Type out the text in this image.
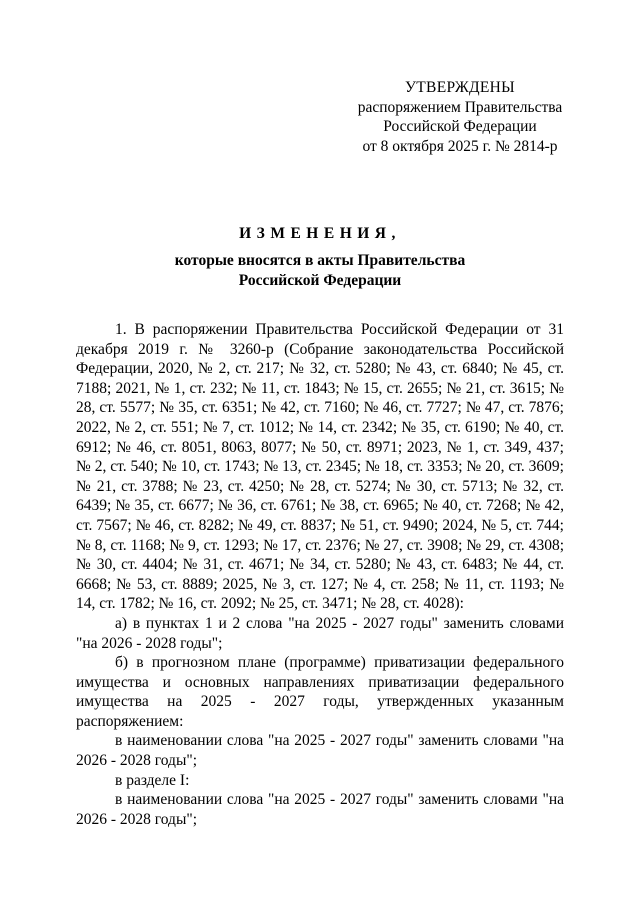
УТВЕРЖДЕНЫ
распоряжением Правительства
Российской Федерации
от 8 октября 2025 г. № 2814-р
ИЗМЕНЕНИЯ,
которые вносятся в акты Правительства
Российской Федерации

1. В распоряжении Правительства Российской Федерации от 31 декабря 2019 г. № 3260-р (Собрание законодательства Российской Федерации, 2020, № 2, ст. 217; № 32, ст. 5280; № 43, ст. 6840; № 45, ст. 7188; 2021, № 1, ст. 232; № 11, ст. 1843; № 15, ст. 2655; № 21, ст. 3615; № 28, ст. 5577; № 35, ст. 6351; № 42, ст. 7160; № 46, ст. 7727; № 47, ст. 7876; 2022, № 2, ст. 551; № 7, ст. 1012; № 14, ст. 2342; № 35, ст. 6190; № 40, ст. 6912; № 46, ст. 8051, 8063, 8077; № 50, ст. 8971; 2023, № 1, ст. 349, 437; № 2, ст. 540; № 10, ст. 1743; № 13, ст. 2345; № 18, ст. 3353; № 20, ст. 3609; № 21, ст. 3788; № 23, ст. 4250; № 28, ст. 5274; № 30, ст. 5713; № 32, ст. 6439; № 35, ст. 6677; № 36, ст. 6761; № 38, ст. 6965; № 40, ст. 7268; № 42, ст. 7567; № 46, ст. 8282; № 49, ст. 8837; № 51, ст. 9490; 2024, № 5, ст. 744; № 8, ст. 1168; № 9, ст. 1293; № 17, ст. 2376; № 27, ст. 3908; № 29, ст. 4308; № 30, ст. 4404; № 31, ст. 4671; № 34, ст. 5280; № 43, ст. 6483; № 44, ст. 6668; № 53, ст. 8889; 2025, № 3, ст. 127; № 4, ст. 258; № 11, ст. 1193; № 14, ст. 1782; № 16, ст. 2092; № 25, ст. 3471; № 28, ст. 4028):

а) в пунктах 1 и 2 слова "на 2025 - 2027 годы" заменить словами "на 2026 - 2028 годы";

б) в прогнозном плане (программе) приватизации федерального имущества и основных направлениях приватизации федерального имущества на 2025 - 2027 годы, утвержденных указанным распоряжением:

в наименовании слова "на 2025 - 2027 годы" заменить словами "на 2026 - 2028 годы";

в разделе I:

в наименовании слова "на 2025 - 2027 годы" заменить словами "на 2026 - 2028 годы";
